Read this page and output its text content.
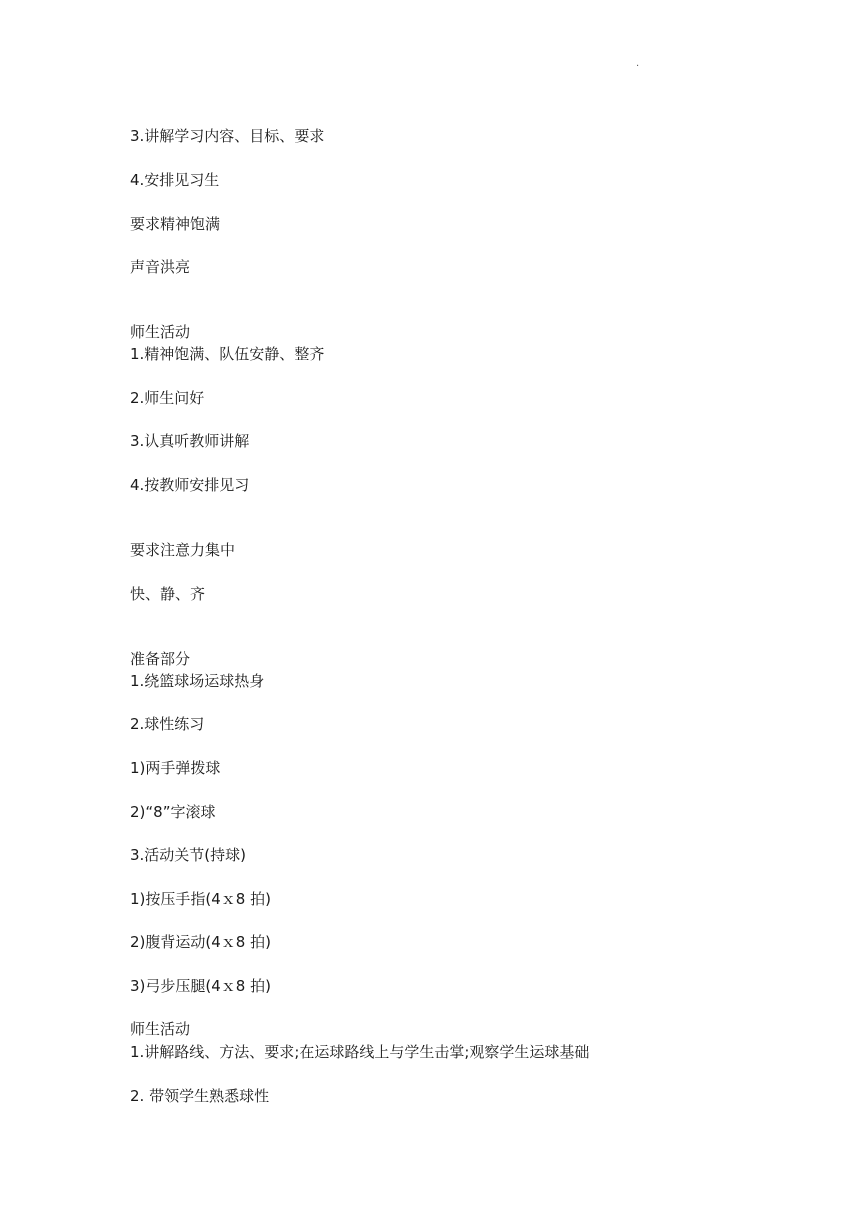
.
3.讲解学习内容、目标、要求
4.安排见习生
要求精神饱满
声音洪亮
师生活动
1.精神饱满、队伍安静、整齐
2.师生问好
3.认真听教师讲解
4.按教师安排见习
要求注意力集中
快、静、齐
准备部分
1.绕篮球场运球热身
2.球性练习
1)两手弹拨球
2)“8”字滚球
3.活动关节(持球)
1)按压手指(4ｘ8 拍)
2)腹背运动(4ｘ8 拍)
3)弓步压腿(4ｘ8 拍)
师生活动
1.讲解路线、方法、要求;在运球路线上与学生击掌;观察学生运球基础
2. 带领学生熟悉球性
